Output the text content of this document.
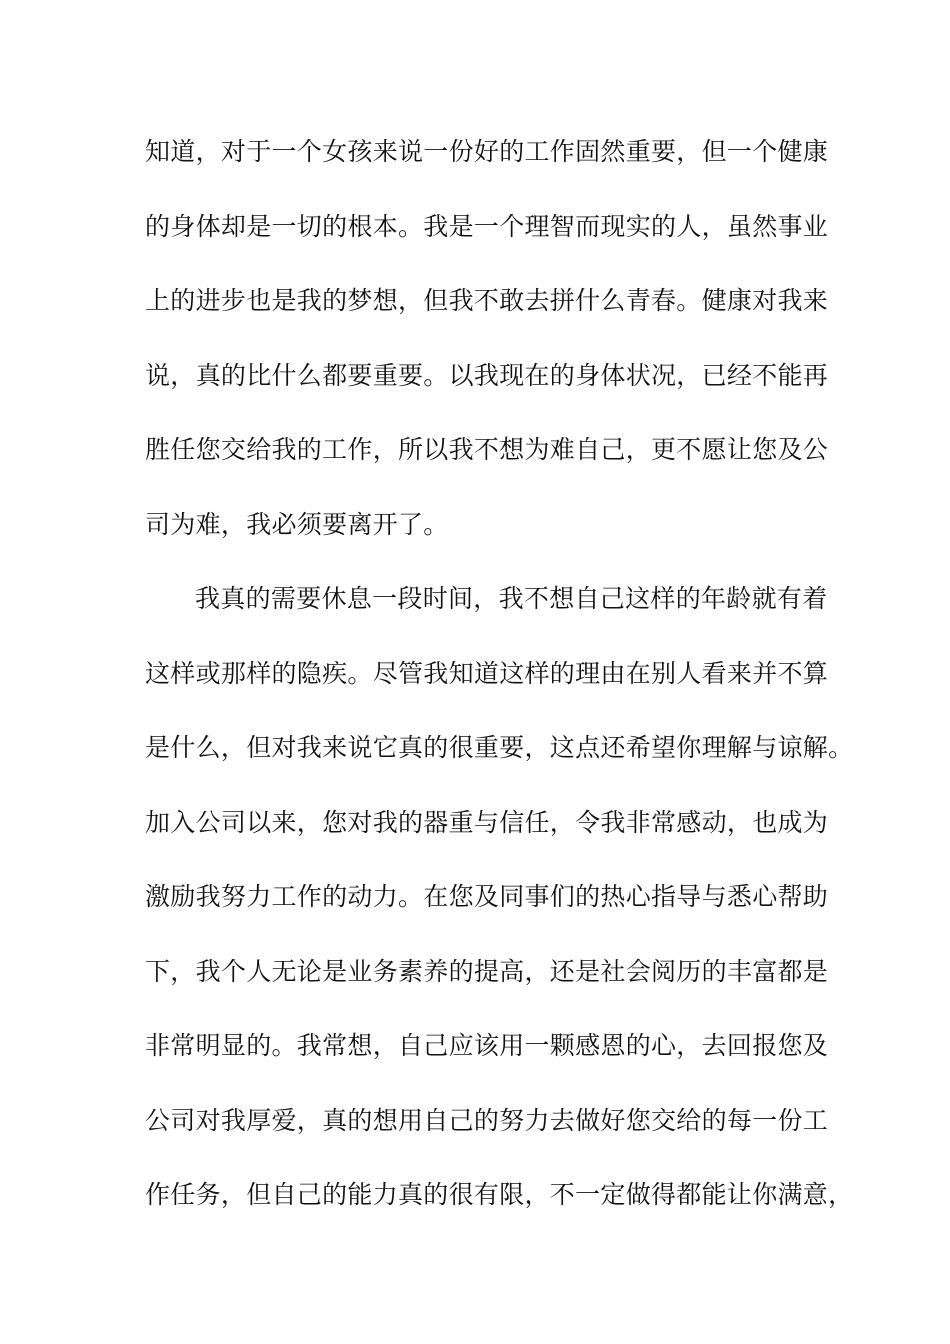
知道，对于一个女孩来说一份好的工作固然重要，但一个健康
的身体却是一切的根本。我是一个理智而现实的人，虽然事业
上的进步也是我的梦想，但我不敢去拼什么青春。健康对我来
说，真的比什么都要重要。以我现在的身体状况，已经不能再
胜任您交给我的工作，所以我不想为难自己，更不愿让您及公
司为难，我必须要离开了。
我真的需要休息一段时间，我不想自己这样的年龄就有着
这样或那样的隐疾。尽管我知道这样的理由在别人看来并不算
是什么，但对我来说它真的很重要，这点还希望你理解与谅解。
加入公司以来，您对我的器重与信任，令我非常感动，也成为
激励我努力工作的动力。在您及同事们的热心指导与悉心帮助
下，我个人无论是业务素养的提高，还是社会阅历的丰富都是
非常明显的。我常想，自己应该用一颗感恩的心，去回报您及
公司对我厚爱，真的想用自己的努力去做好您交给的每一份工
作任务，但自己的能力真的很有限，不一定做得都能让你满意，
